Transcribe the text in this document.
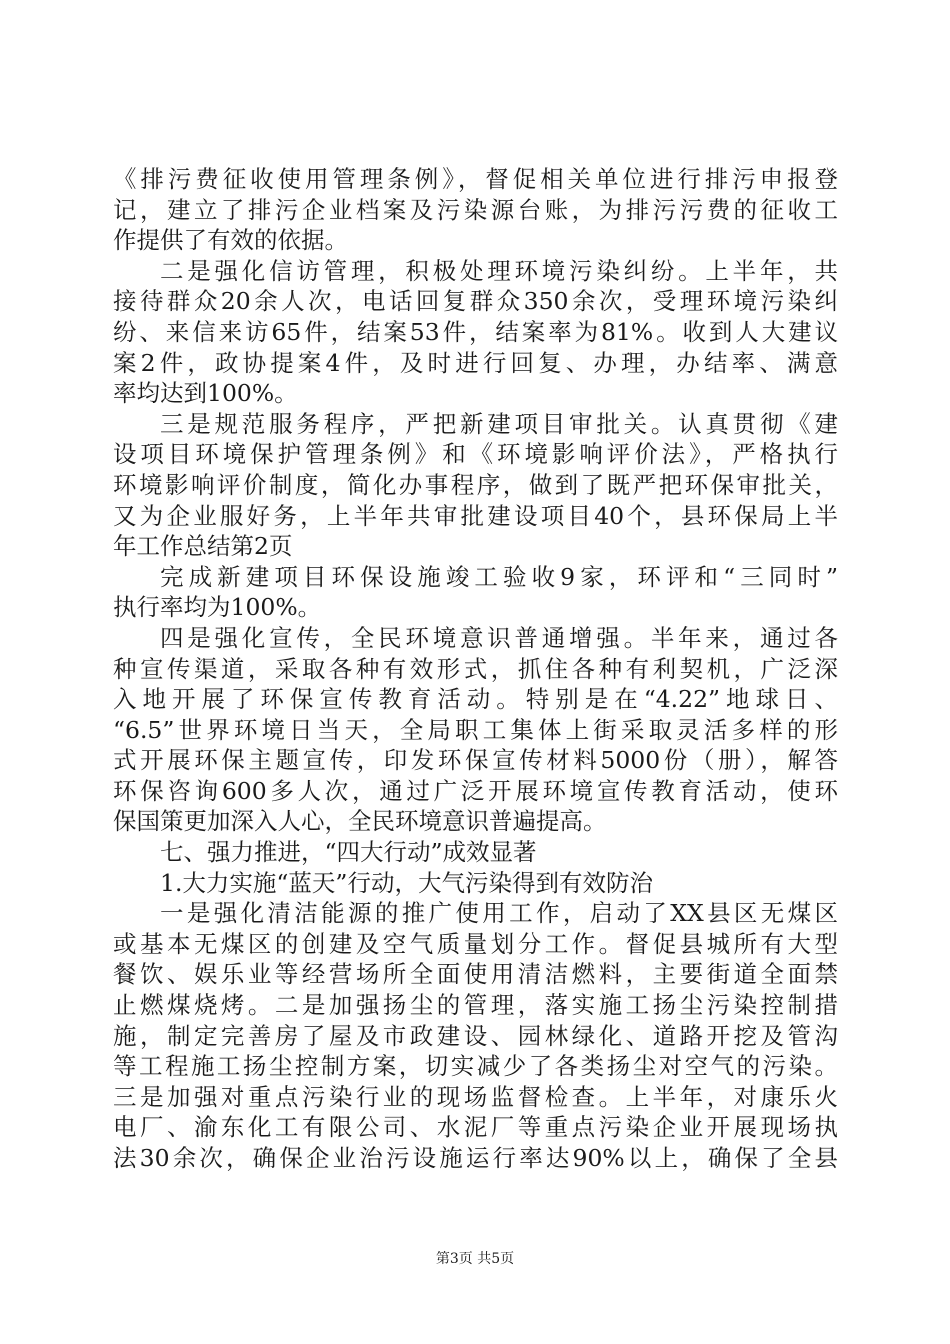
《排污费征收使用管理条例》，督促相关单位进行排污申报登
记，建立了排污企业档案及污染源台账，为排污污费的征收工
作提供了有效的依据。
二是强化信访管理，积极处理环境污染纠纷。上半年，共
接待群众20余人次，电话回复群众350余次，受理环境污染纠
纷、来信来访65件，结案53件，结案率为81%。收到人大建议
案2件，政协提案4件，及时进行回复、办理，办结率、满意
率均达到100%。
三是规范服务程序，严把新建项目审批关。认真贯彻《建
设项目环境保护管理条例》和《环境影响评价法》，严格执行
环境影响评价制度，简化办事程序，做到了既严把环保审批关，
又为企业服好务，上半年共审批建设项目40个，县环保局上半
年工作总结第2页
完成新建项目环保设施竣工验收9家，环评和“三同时”
执行率均为100%。
四是强化宣传，全民环境意识普通增强。半年来，通过各
种宣传渠道，采取各种有效形式，抓住各种有利契机，广泛深
入地开展了环保宣传教育活动。特别是在“4.22”地球日、
“6.5”世界环境日当天，全局职工集体上街采取灵活多样的形
式开展环保主题宣传，印发环保宣传材料5000份（册），解答
环保咨询600多人次，通过广泛开展环境宣传教育活动，使环
保国策更加深入人心，全民环境意识普遍提高。
七、强力推进，“四大行动”成效显著
1.大力实施“蓝天”行动，大气污染得到有效防治
一是强化清洁能源的推广使用工作，启动了XX县区无煤区
或基本无煤区的创建及空气质量划分工作。督促县城所有大型
餐饮、娱乐业等经营场所全面使用清洁燃料，主要街道全面禁
止燃煤烧烤。二是加强扬尘的管理，落实施工扬尘污染控制措
施，制定完善房了屋及市政建设、园林绿化、道路开挖及管沟
等工程施工扬尘控制方案，切实减少了各类扬尘对空气的污染。
三是加强对重点污染行业的现场监督检查。上半年，对康乐火
电厂、渝东化工有限公司、水泥厂等重点污染企业开展现场执
法30余次，确保企业治污设施运行率达90%以上，确保了全县
第3页 共5页
